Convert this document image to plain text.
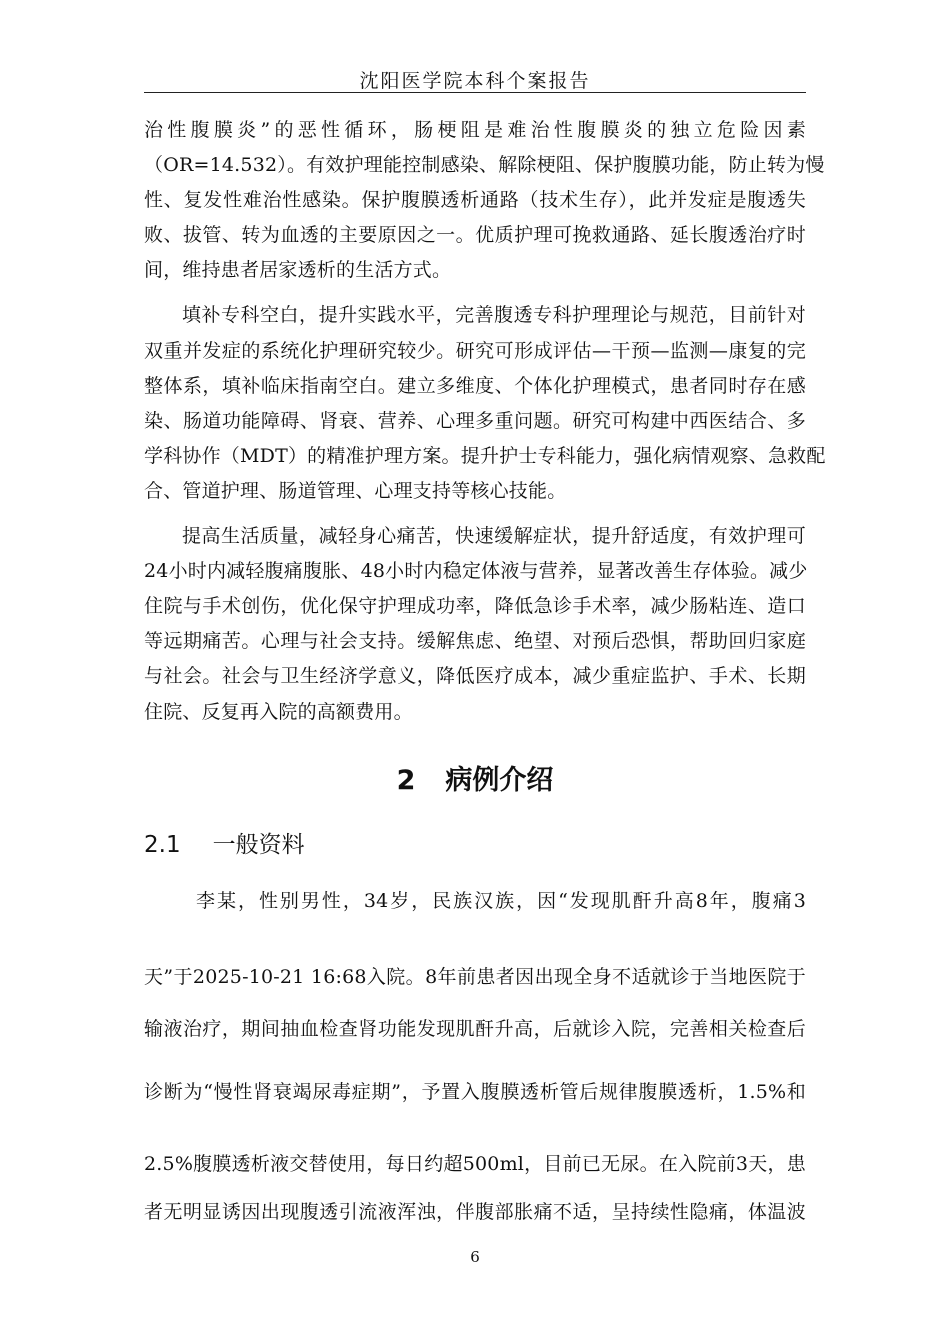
沈阳医学院本科个案报告
治性腹膜炎”的恶性循环，肠梗阻是难治性腹膜炎的独立危险因素
（OR=14.532）。有效护理能控制感染、解除梗阻、保护腹膜功能，防止转为慢
性、复发性难治性感染。保护腹膜透析通路（技术生存），此并发症是腹透失
败、拔管、转为血透的主要原因之一。优质护理可挽救通路、延长腹透治疗时
间，维持患者居家透析的生活方式。
填补专科空白，提升实践水平，完善腹透专科护理理论与规范，目前针对
双重并发症的系统化护理研究较少。研究可形成评估—干预—监测—康复的完
整体系，填补临床指南空白。建立多维度、个体化护理模式，患者同时存在感
染、肠道功能障碍、肾衰、营养、心理多重问题。研究可构建中西医结合、多
学科协作（MDT）的精准护理方案。提升护士专科能力，强化病情观察、急救配
合、管道护理、肠道管理、心理支持等核心技能。
提高生活质量，减轻身心痛苦，快速缓解症状，提升舒适度，有效护理可
24小时内减轻腹痛腹胀、48小时内稳定体液与营养，显著改善生存体验。减少
住院与手术创伤，优化保守护理成功率，降低急诊手术率，减少肠粘连、造口
等远期痛苦。心理与社会支持。缓解焦虑、绝望、对预后恐惧，帮助回归家庭
与社会。社会与卫生经济学意义，降低医疗成本，减少重症监护、手术、长期
住院、反复再入院的高额费用。
2 病例介绍
2.1 一般资料
李某，性别男性，34岁，民族汉族，因“发现肌酐升高8年，腹痛3
天”于2025-10-21 16:68入院。8年前患者因出现全身不适就诊于当地医院于
输液治疗，期间抽血检查肾功能发现肌酐升高，后就诊入院，完善相关检查后
诊断为“慢性肾衰竭尿毒症期”，予置入腹膜透析管后规律腹膜透析，1.5%和
2.5%腹膜透析液交替使用，每日约超500ml，目前已无尿。在入院前3天，患
者无明显诱因出现腹透引流液浑浊，伴腹部胀痛不适，呈持续性隐痛，体温波
6
